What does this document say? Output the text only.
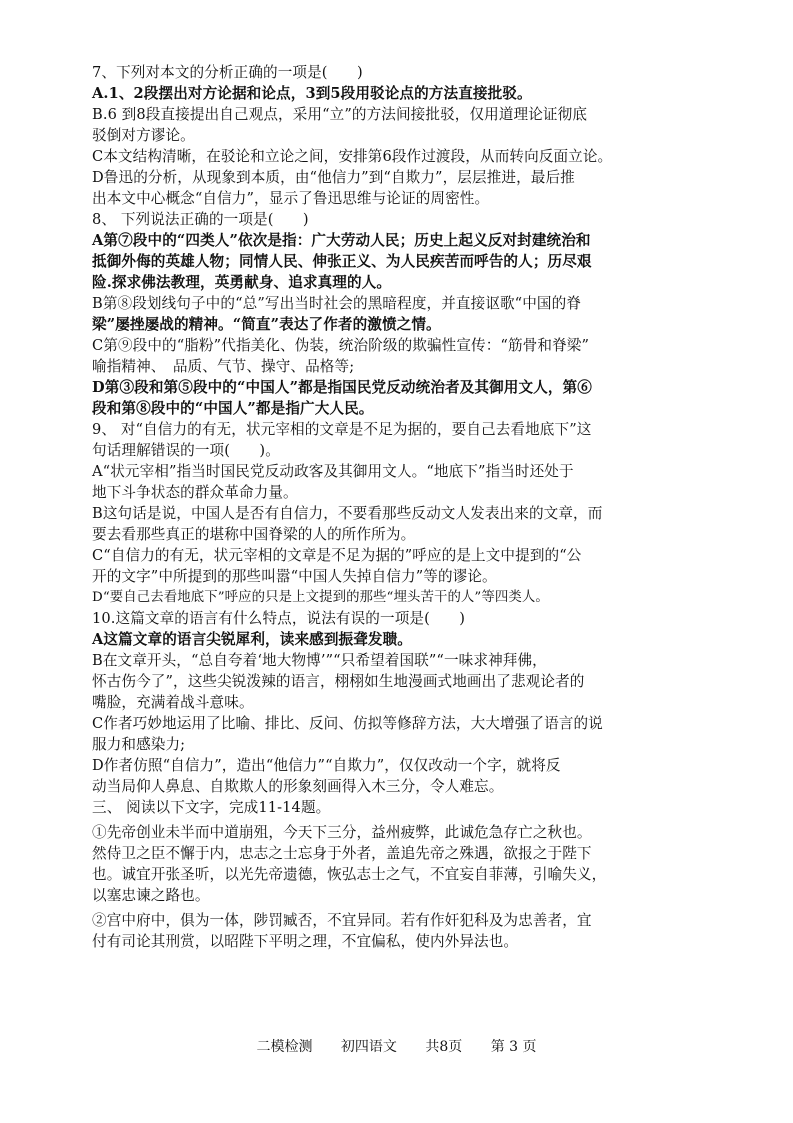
7、下列对本文的分析正确的一项是(　　)

A.1、2段摆出对方论据和论点，3到5段用驳论点的方法直接批驳。

B.6 到8段直接提出自己观点，采用“立”的方法间接批驳，仅用道理论证彻底

驳倒对方谬论。

C本文结构清晰，在驳论和立论之间，安排第6段作过渡段，从而转向反面立论。

D鲁迅的分析，从现象到本质，由“他信力”到“自欺力”，层层推进，最后推

出本文中心概念“自信力”，显示了鲁迅思维与论证的周密性。

8、 下列说法正确的一项是(　　)

A第⑦段中的“四类人”依次是指：广大劳动人民；历史上起义反对封建统治和

抵御外侮的英雄人物；同情人民、伸张正义、为人民疾苦而呼告的人；历尽艰

险.探求佛法教理，英勇献身、追求真理的人。

B第⑧段划线句子中的“总”写出当时社会的黑暗程度，并直接讴歌“中国的脊

梁”屡挫屡战的精神。“简直”表达了作者的激愤之情。

C第⑨段中的“脂粉”代指美化、伪装，统治阶级的欺骗性宣传：“筋骨和脊梁”

喻指精神、　品质、气节、操守、品格等;

D第③段和第⑤段中的“中国人”都是指国民党反动统治者及其御用文人，第⑥

段和第⑧段中的“中国人”都是指广大人民。

9、 对“自信力的有无，状元宰相的文章是不足为据的，要自己去看地底下”这

句话理解错误的一项(　　)。

A“状元宰相”指当时国民党反动政客及其御用文人。“地底下”指当时还处于

地下斗争状态的群众革命力量。

B这句话是说，中国人是否有自信力，不要看那些反动文人发表出来的文章，而

要去看那些真正的堪称中国脊梁的人的所作所为。

C“自信力的有无，状元宰相的文章是不足为据的”呼应的是上文中提到的“公

开的文字”中所提到的那些叫嚣“中国人失掉自信力”等的谬论。

D“要自己去看地底下”呼应的只是上文提到的那些“埋头苦干的人”等四类人。

10.这篇文章的语言有什么特点，说法有误的一项是(　　)

A这篇文章的语言尖锐犀利，读来感到振聋发聩。

B在文章开头，“总自夸着‘地大物博’”“只希望着国联”“一味求神拜佛，

怀古伤今了”，这些尖锐泼辣的语言，栩栩如生地漫画式地画出了悲观论者的

嘴脸，充满着战斗意味。

C作者巧妙地运用了比喻、排比、反问、仿拟等修辞方法，大大增强了语言的说

服力和感染力;

D作者仿照“自信力”，造出“他信力”“自欺力”，仅仅改动一个字，就将反

动当局仰人鼻息、自欺欺人的形象刻画得入木三分，令人难忘。

三、 阅读以下文字，完成11-14题。

①先帝创业未半而中道崩殂，今天下三分，益州疲弊，此诚危急存亡之秋也。

然侍卫之臣不懈于内，忠志之士忘身于外者，盖追先帝之殊遇，欲报之于陛下

也。诚宜开张圣听，以光先帝遗德，恢弘志士之气，不宜妄自菲薄，引喻失义，

以塞忠谏之路也。

②宫中府中，俱为一体，陟罚臧否，不宜异同。若有作奸犯科及为忠善者，宜

付有司论其刑赏，以昭陛下平明之理，不宜偏私，使内外异法也。

二模检测 初四语文 共8页 第 3 页
